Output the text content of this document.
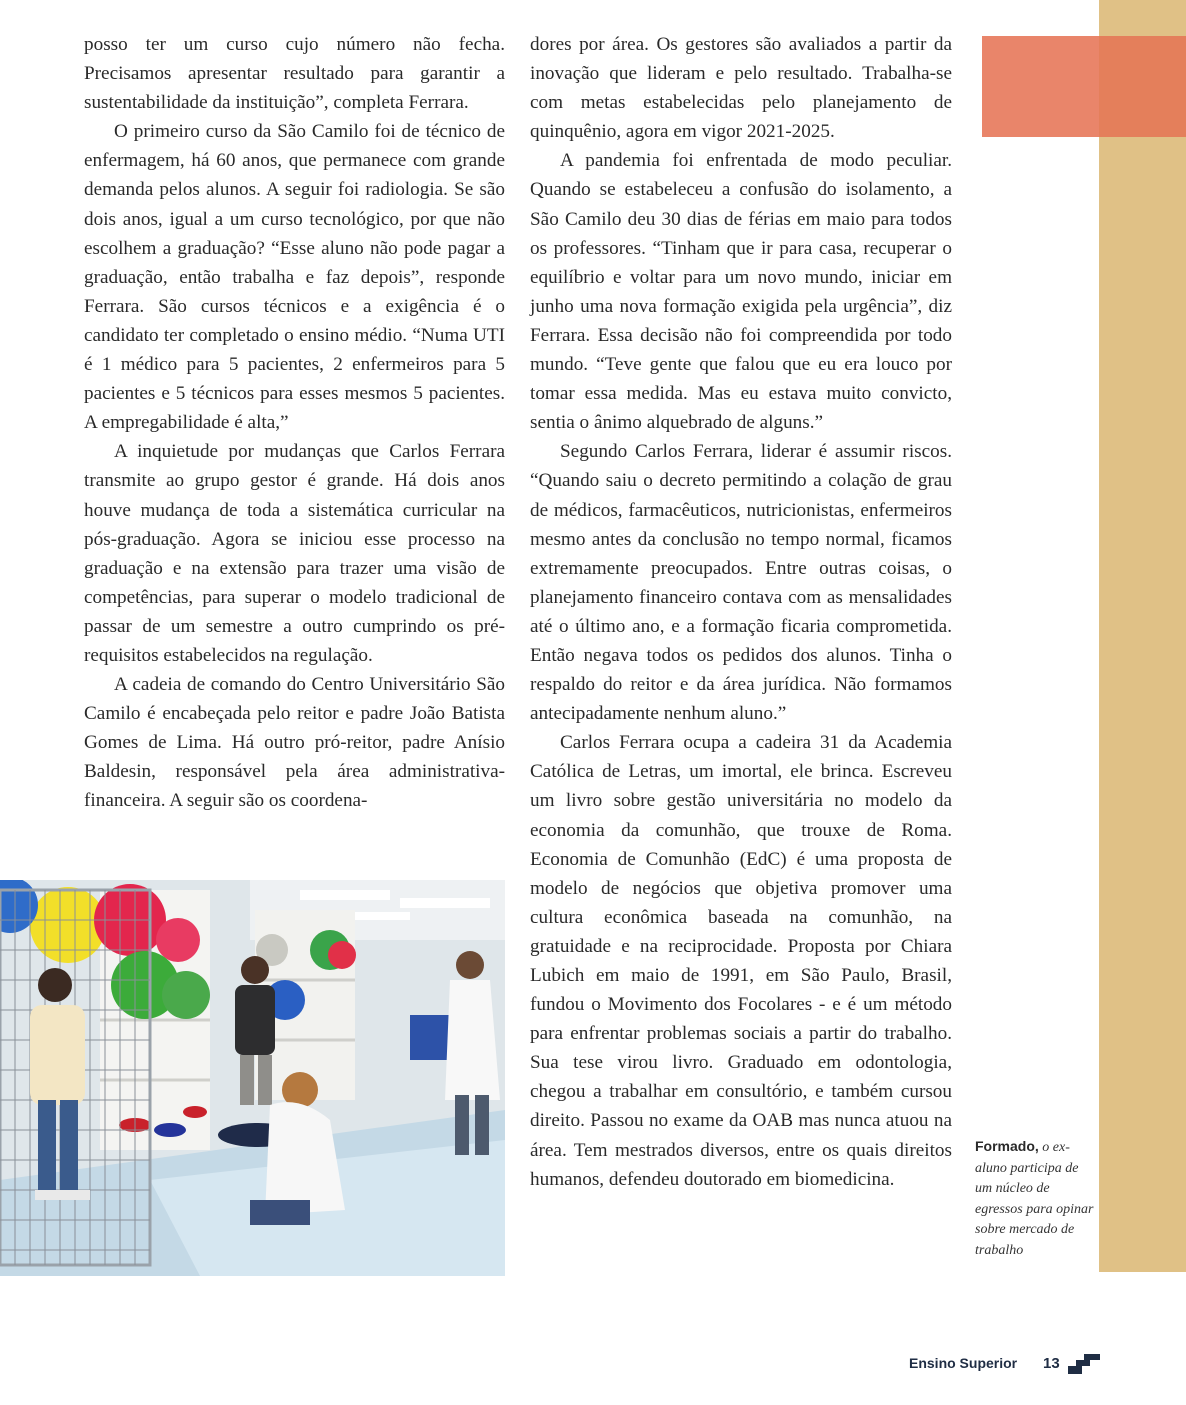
posso ter um curso cujo número não fecha. Precisamos apresentar resultado para garantir a sustentabilidade da instituição”, completa Ferrara.

O primeiro curso da São Camilo foi de técnico de enfermagem, há 60 anos, que permanece com grande demanda pelos alunos. A seguir foi radiologia. Se são dois anos, igual a um curso tecnológico, por que não escolhem a graduação? “Esse aluno não pode pagar a graduação, então trabalha e faz depois”, responde Ferrara. São cursos técnicos e a exigência é o candidato ter completado o ensino médio. “Numa UTI é 1 médico para 5 pacientes, 2 enfermeiros para 5 pacientes e 5 técnicos para esses mesmos 5 pacientes. A empregabilidade é alta,”

A inquietude por mudanças que Carlos Ferrara transmite ao grupo gestor é grande. Há dois anos houve mudança de toda a sistemática curricular na pós-graduação. Agora se iniciou esse processo na graduação e na extensão para trazer uma visão de competências, para superar o modelo tradicional de passar de um semestre a outro cumprindo os pré-requisitos estabelecidos na regulação.

A cadeia de comando do Centro Universitário São Camilo é encabeçada pelo reitor e padre João Batista Gomes de Lima. Há outro pró-reitor, padre Anísio Baldesin, responsável pela área administrativa-financeira. A seguir são os coordena-

dores por área. Os gestores são avaliados a partir da inovação que lideram e pelo resultado. Trabalha-se com metas estabelecidas pelo planejamento de quinquênio, agora em vigor 2021-2025.

A pandemia foi enfrentada de modo peculiar. Quando se estabeleceu a confusão do isolamento, a São Camilo deu 30 dias de férias em maio para todos os professores. “Tinham que ir para casa, recuperar o equilíbrio e voltar para um novo mundo, iniciar em junho uma nova formação exigida pela urgência”, diz Ferrara. Essa decisão não foi compreendida por todo mundo. “Teve gente que falou que eu era louco por tomar essa medida. Mas eu estava muito convicto, sentia o ânimo alquebrado de alguns.”

Segundo Carlos Ferrara, liderar é assumir riscos. “Quando saiu o decreto permitindo a colação de grau de médicos, farmacêuticos, nutricionistas, enfermeiros mesmo antes da conclusão no tempo normal, ficamos extremamente preocupados. Entre outras coisas, o planejamento financeiro contava com as mensalidades até o último ano, e a formação ficaria comprometida. Então negava todos os pedidos dos alunos. Tinha o respaldo do reitor e da área jurídica. Não formamos antecipadamente nenhum aluno.”

Carlos Ferrara ocupa a cadeira 31 da Academia Católica de Letras, um imortal, ele brinca. Escreveu um livro sobre gestão universitária no modelo da economia da comunhão, que trouxe de Roma. Economia de Comunhão (EdC) é uma proposta de modelo de negócios que objetiva promover uma cultura econômica baseada na comunhão, na gratuidade e na reciprocidade. Proposta por Chiara Lubich em maio de 1991, em São Paulo, Brasil, fundou o Movimento dos Focolares - e é um método para enfrentar problemas sociais a partir do trabalho. Sua tese virou livro. Graduado em odontologia, chegou a trabalhar em consultório, e também cursou direito. Passou no exame da OAB mas nunca atuou na área. Tem mestrados diversos, entre os quais direitos humanos, defendeu doutorado em biomedicina.

Formado, o ex-aluno participa de um núcleo de egressos para opinar sobre mercado de trabalho
Ensino Superior 13
